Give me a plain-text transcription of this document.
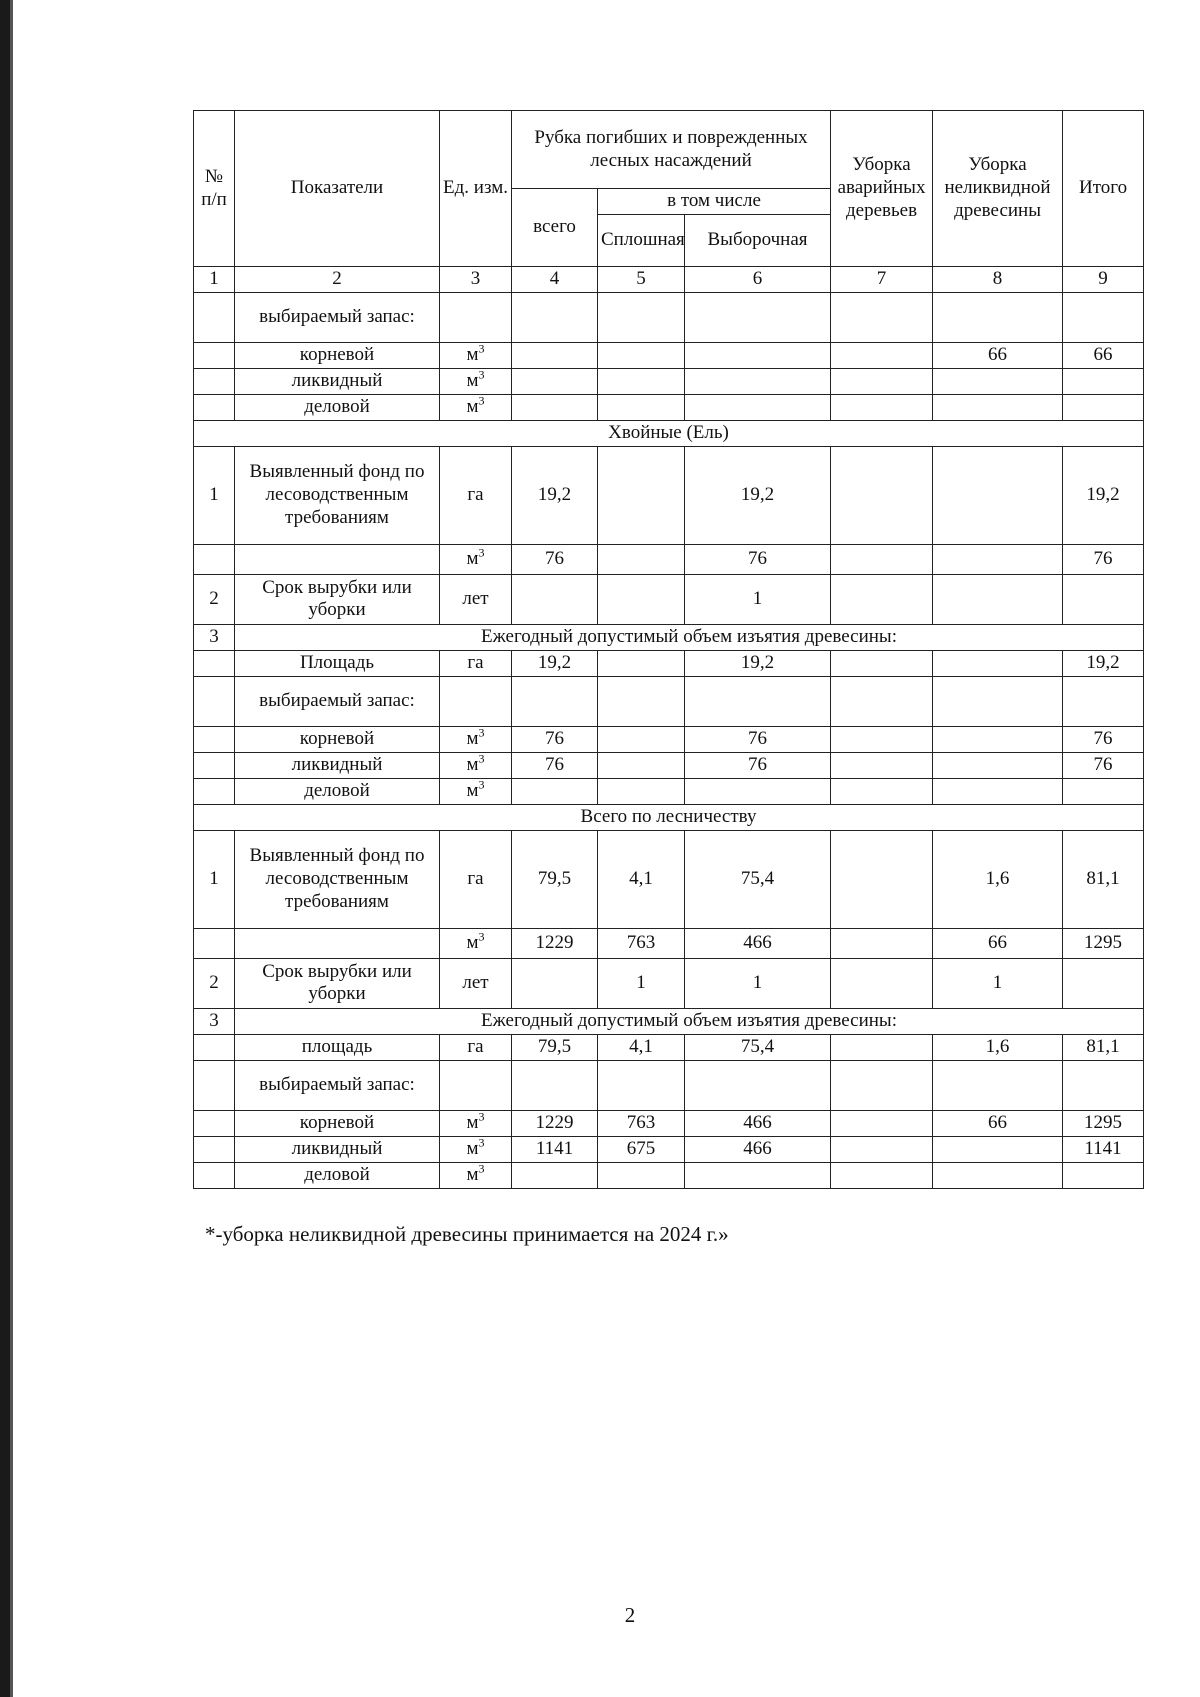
№ п/п	Показатели	Ед. изм.	Рубка погибших и поврежденных лесных насаждений			Уборка аварийных деревьев	Уборка неликвидной древесины	Итого
			всего	в том числе				
				Сплошная	Выборочная			
1	2	3	4	5	6	7	8	9
	выбираемый запас:							
	корневой	$м^3$					66	66
	ликвидный	$м^3$						
	деловой	$м^3$						
Хвойные (Ель)								
1	Выявленный фонд по лесоводственным требованиям	га	19,2		19,2			19,2
		$м^3$	76		76			76
2	Срок вырубки или уборки	лет			1			
3	Ежегодный допустимый объем изъятия древесины:							
	Площадь	га	19,2		19,2			19,2
	выбираемый запас:							
	корневой	$м^3$	76		76			76
	ликвидный	$м^3$	76		76			76
	деловой	$м^3$						
Всего по лесничеству								
1	Выявленный фонд по лесоводственным требованиям	га	79,5	4,1	75,4		1,6	81,1
		$м^3$	1229	763	466		66	1295
2	Срок вырубки или уборки	лет		1	1		1	
3	Ежегодный допустимый объем изъятия древесины:							
	площадь	га	79,5	4,1	75,4		1,6	81,1
	выбираемый запас:							
	корневой	$м^3$	1229	763	466		66	1295
	ликвидный	$м^3$	1141	675	466			1141
	деловой	$м^3$						
*-уборка неликвидной древесины принимается на 2024 г.»
2
